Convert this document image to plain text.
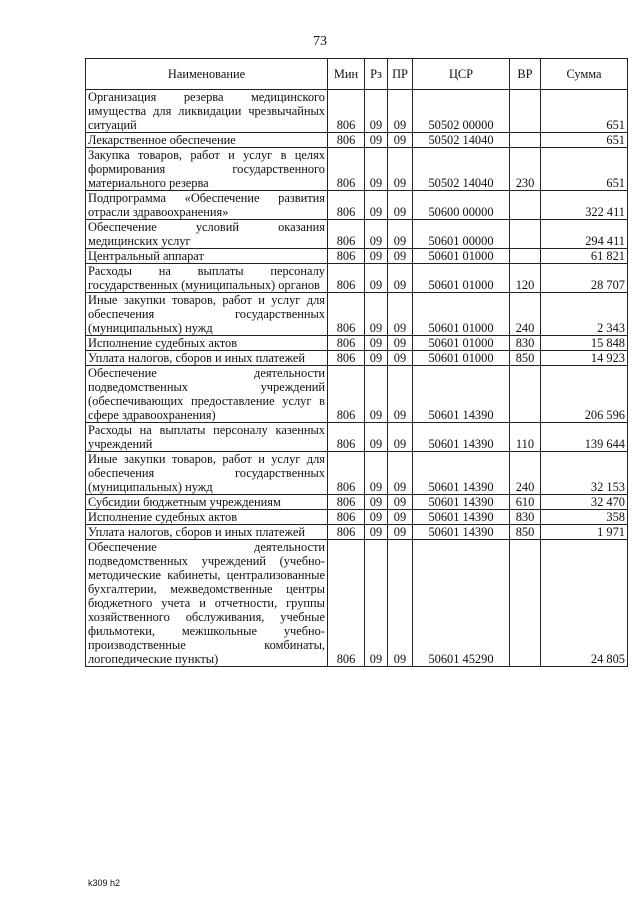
73
Наименование	Мин	Рз	ПР	ЦСР	ВР	Сумма
Организация резерва медицинского имущества для ликвидации чрезвычайных ситуаций	806	09	09	50502 00000		651
Лекарственное обеспечение	806	09	09	50502 14040		651
Закупка товаров, работ и услуг в целях формирования государственного материального резерва	806	09	09	50502 14040	230	651
Подпрограмма «Обеспечение развития отрасли здравоохранения»	806	09	09	50600 00000		322 411
Обеспечение условий оказания медицинских услуг	806	09	09	50601 00000		294 411
Центральный аппарат	806	09	09	50601 01000		61 821
Расходы на выплаты персоналу государственных (муниципальных) органов	806	09	09	50601 01000	120	28 707
Иные закупки товаров, работ и услуг для обеспечения государственных (муниципальных) нужд	806	09	09	50601 01000	240	2 343
Исполнение судебных актов	806	09	09	50601 01000	830	15 848
Уплата налогов, сборов и иных платежей	806	09	09	50601 01000	850	14 923
Обеспечение деятельности подведомственных учреждений (обеспечивающих предоставление услуг в сфере здравоохранения)	806	09	09	50601 14390		206 596
Расходы на выплаты персоналу казенных учреждений	806	09	09	50601 14390	110	139 644
Иные закупки товаров, работ и услуг для обеспечения государственных (муниципальных) нужд	806	09	09	50601 14390	240	32 153
Субсидии бюджетным учреждениям	806	09	09	50601 14390	610	32 470
Исполнение судебных актов	806	09	09	50601 14390	830	358
Уплата налогов, сборов и иных платежей	806	09	09	50601 14390	850	1 971
Обеспечение деятельности подведомственных учреждений (учебно-методические кабинеты, централизованные бухгалтерии, межведомственные центры бюджетного учета и отчетности, группы хозяйственного обслуживания, учебные фильмотеки, межшкольные учебно-производственные комбинаты, логопедические пункты)	806	09	09	50601 45290		24 805
k309 h2
